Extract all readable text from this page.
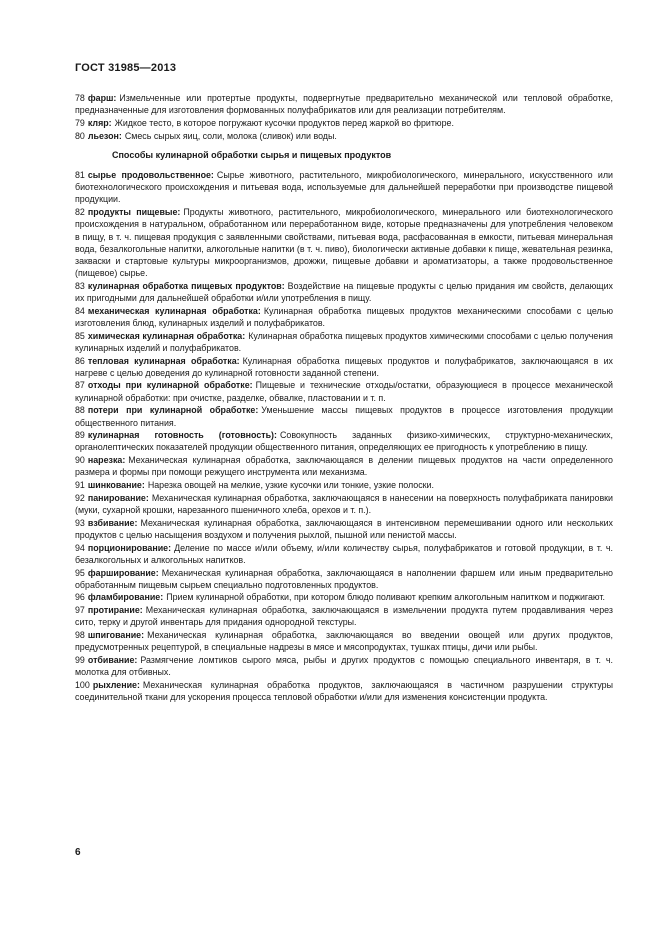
ГОСТ 31985—2013
78 фарш: Измельченные или протертые продукты, подвергнутые предварительно механической или тепловой обработке, предназначенные для изготовления формованных полуфабрикатов или для реализации потребителям.
79 кляр: Жидкое тесто, в которое погружают кусочки продуктов перед жаркой во фритюре.
80 льезон: Смесь сырых яиц, соли, молока (сливок) или воды.
Способы кулинарной обработки сырья и пищевых продуктов
81 сырье продовольственное: Сырье животного, растительного, микробиологического, минерального, искусственного или биотехнологического происхождения и питьевая вода, используемые для дальнейшей переработки при производстве пищевой продукции.
82 продукты пищевые: Продукты животного, растительного, микробиологического, минерального или биотехнологического происхождения в натуральном, обработанном или переработанном виде, которые предназначены для употребления человеком в пищу, в т. ч. пищевая продукция с заявленными свойствами, питьевая вода, расфасованная в емкости, питьевая минеральная вода, безалкогольные напитки, алкогольные напитки (в т. ч. пиво), биологически активные добавки к пище, жевательная резинка, закваски и стартовые культуры микроорганизмов, дрожжи, пищевые добавки и ароматизаторы, а также продовольственное (пищевое) сырье.
83 кулинарная обработка пищевых продуктов: Воздействие на пищевые продукты с целью придания им свойств, делающих их пригодными для дальнейшей обработки и/или употребления в пищу.
84 механическая кулинарная обработка: Кулинарная обработка пищевых продуктов механическими способами с целью изготовления блюд, кулинарных изделий и полуфабрикатов.
85 химическая кулинарная обработка: Кулинарная обработка пищевых продуктов химическими способами с целью получения кулинарных изделий и полуфабрикатов.
86 тепловая кулинарная обработка: Кулинарная обработка пищевых продуктов и полуфабрикатов, заключающаяся в их нагреве с целью доведения до кулинарной готовности заданной степени.
87 отходы при кулинарной обработке: Пищевые и технические отходы/остатки, образующиеся в процессе механической кулинарной обработки: при очистке, разделке, обвалке, пластовании и т. п.
88 потери при кулинарной обработке: Уменьшение массы пищевых продуктов в процессе изготовления продукции общественного питания.
89 кулинарная готовность (готовность): Совокупность заданных физико-химических, структурно-механических, органолептических показателей продукции общественного питания, определяющих ее пригодность к употреблению в пищу.
90 нарезка: Механическая кулинарная обработка, заключающаяся в делении пищевых продуктов на части определенного размера и формы при помощи режущего инструмента или механизма.
91 шинкование: Нарезка овощей на мелкие, узкие кусочки или тонкие, узкие полоски.
92 панирование: Механическая кулинарная обработка, заключающаяся в нанесении на поверхность полуфабриката панировки (муки, сухарной крошки, нарезанного пшеничного хлеба, орехов и т. п.).
93 взбивание: Механическая кулинарная обработка, заключающаяся в интенсивном перемешивании одного или нескольких продуктов с целью насыщения воздухом и получения рыхлой, пышной или пенистой массы.
94 порционирование: Деление по массе и/или объему, и/или количеству сырья, полуфабрикатов и готовой продукции, в т. ч. безалкогольных и алкогольных напитков.
95 фарширование: Механическая кулинарная обработка, заключающаяся в наполнении фаршем или иным предварительно обработанным пищевым сырьем специально подготовленных продуктов.
96 фламбирование: Прием кулинарной обработки, при котором блюдо поливают крепким алкогольным напитком и поджигают.
97 протирание: Механическая кулинарная обработка, заключающаяся в измельчении продукта путем продавливания через сито, терку и другой инвентарь для придания однородной текстуры.
98 шпигование: Механическая кулинарная обработка, заключающаяся во введении овощей или других продуктов, предусмотренных рецептурой, в специальные надрезы в мясе и мясопродуктах, тушках птицы, дичи или рыбы.
99 отбивание: Размягчение ломтиков сырого мяса, рыбы и других продуктов с помощью специального инвентаря, в т. ч. молотка для отбивных.
100 рыхление: Механическая кулинарная обработка продуктов, заключающаяся в частичном разрушении структуры соединительной ткани для ускорения процесса тепловой обработки и/или для изменения консистенции продукта.
6
